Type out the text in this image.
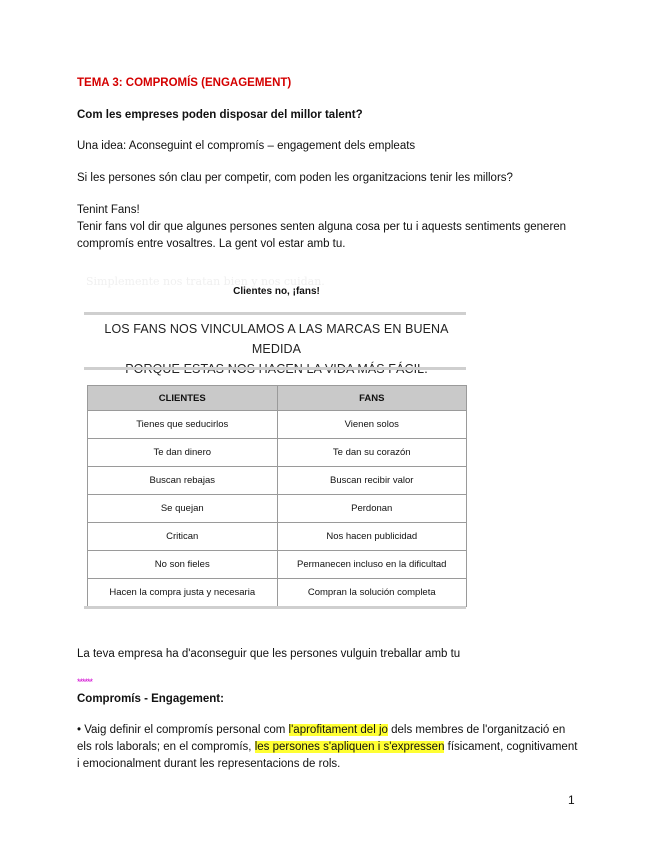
TEMA 3: COMPROMÍS (ENGAGEMENT)
Com les empreses poden disposar del millor talent?
Una idea: Aconseguint el compromís – engagement dels empleats
Si les persones són clau per competir, com poden les organitzacions tenir les millors?
Tenint Fans!
Tenir fans vol dir que algunes persones senten alguna cosa per tu i aquests sentiments generen compromís entre vosaltres. La gent vol estar amb tu.
Simplemente nos tratan bien y nos cuidan.
Clientes no, ¡fans!
LOS FANS NOS VINCULAMOS A LAS MARCAS EN BUENA MEDIDA
CLIENTES	FANS
Tienes que seducirlos	Vienen solos
Te dan dinero	Te dan su corazón
Buscan rebajas	Buscan recibir valor
Se quejan	Perdonan
Critican	Nos hacen publicidad
No son fieles	Permanecen incluso en la dificultad
Hacen la compra justa y necesaria	Compran la solución completa
La teva empresa ha d'aconseguir que les persones vulguin treballar amb tu
******
Compromís - Engagement:
• Vaig definir el compromís personal com l'aprofitament del jo dels membres de l'organització en els rols laborals; en el compromís, les persones s'apliquen i s'expressen físicament, cognitivament i emocionalment durant les representacions de rols.
1
